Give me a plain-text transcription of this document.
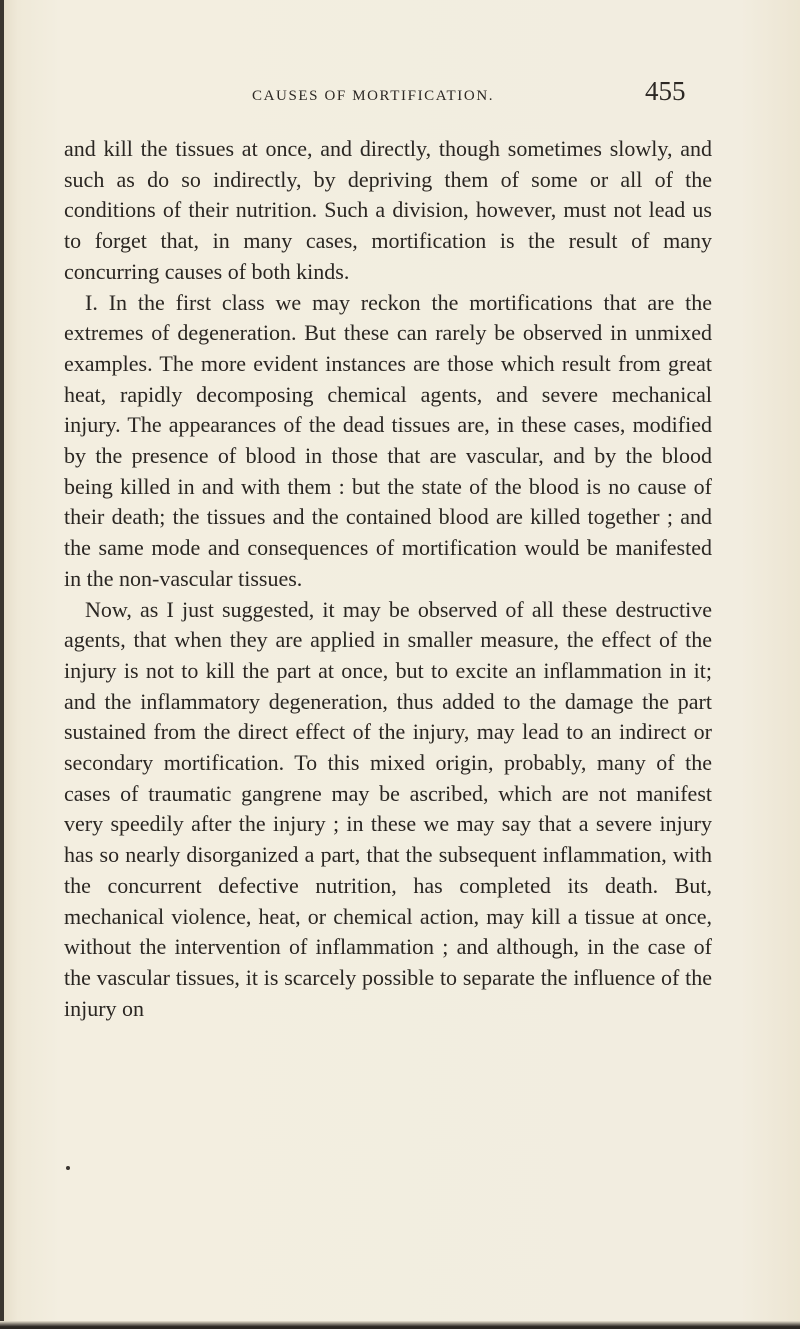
CAUSES OF MORTIFICATION.	455

and kill the tissues at once, and directly, though sometimes slowly, and such as do so indirectly, by depriving them of some or all of the conditions of their nutrition. Such a division, however, must not lead us to forget that, in many cases, mortification is the result of many concurring causes of both kinds.

I. In the first class we may reckon the mortifications that are the extremes of degeneration. But these can rarely be observed in unmixed examples. The more evident instances are those which result from great heat, rapidly decomposing chemical agents, and severe mechanical injury. The appearances of the dead tissues are, in these cases, modified by the presence of blood in those that are vascular, and by the blood being killed in and with them : but the state of the blood is no cause of their death; the tissues and the contained blood are killed together ; and the same mode and consequences of mortification would be manifested in the non-vascular tissues.

Now, as I just suggested, it may be observed of all these destructive agents, that when they are applied in smaller measure, the effect of the injury is not to kill the part at once, but to excite an inflammation in it; and the inflammatory degeneration, thus added to the damage the part sustained from the direct effect of the injury, may lead to an indirect or secondary mortification. To this mixed origin, probably, many of the cases of traumatic gangrene may be ascribed, which are not manifest very speedily after the injury ; in these we may say that a severe injury has so nearly disorganized a part, that the subsequent inflammation, with the concurrent defective nutrition, has completed its death. But, mechanical violence, heat, or chemical action, may kill a tissue at once, without the intervention of inflammation ; and although, in the case of the vascular tissues, it is scarcely possible to separate the influence of the injury on
